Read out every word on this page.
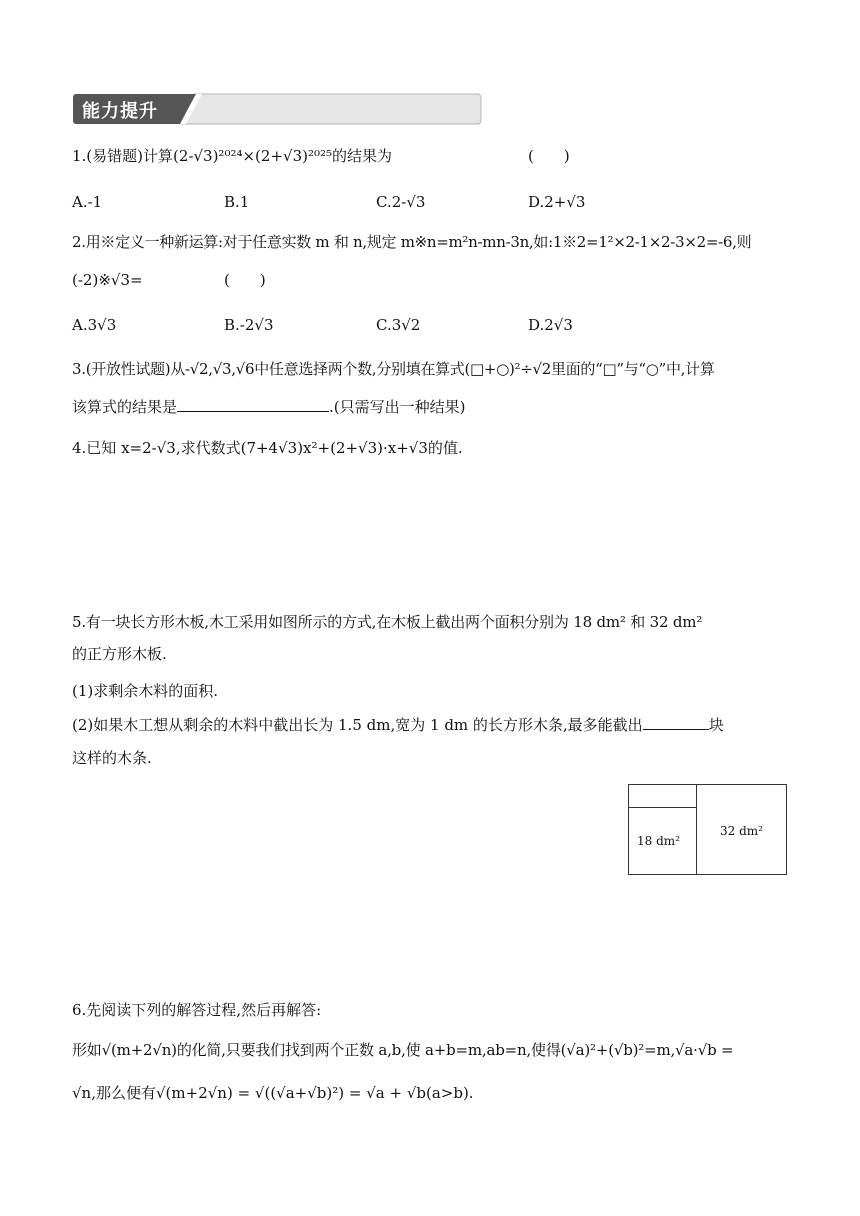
能力提升
1.(易错题)计算(2-√3)²⁰²⁴×(2+√3)²⁰²⁵的结果为	(　　)
A.-1	B.1	C.2-√3	D.2+√3
2.用※定义一种新运算:对于任意实数 m 和 n,规定 m※n=m²n-mn-3n,如:1※2=1²×2-1×2-3×2=-6,则
(-2)※√3=	(　　)
A.3√3	B.-2√3	C.3√2	D.2√3
3.(开放性试题)从-√2,√3,√6中任意选择两个数,分别填在算式(□+○)²÷√2里面的“□”与“○”中,计算
该算式的结果是	.(只需写出一种结果)
4.已知 x=2-√3,求代数式(7+4√3)x²+(2+√3)·x+√3的值.
5.有一块长方形木板,木工采用如图所示的方式,在木板上截出两个面积分别为 18 dm² 和 32 dm²
的正方形木板.
(1)求剩余木料的面积.
(2)如果木工想从剩余的木料中截出长为 1.5 dm,宽为 1 dm 的长方形木条,最多能截出	块
这样的木条.
18 dm²
32 dm²
6.先阅读下列的解答过程,然后再解答:
形如√(m+2√n)的化简,只要我们找到两个正数 a,b,使 a+b=m,ab=n,使得(√a)²+(√b)²=m,√a·√b =
√n,那么便有√(m+2√n) = √((√a+√b)²) = √a + √b(a>b).
